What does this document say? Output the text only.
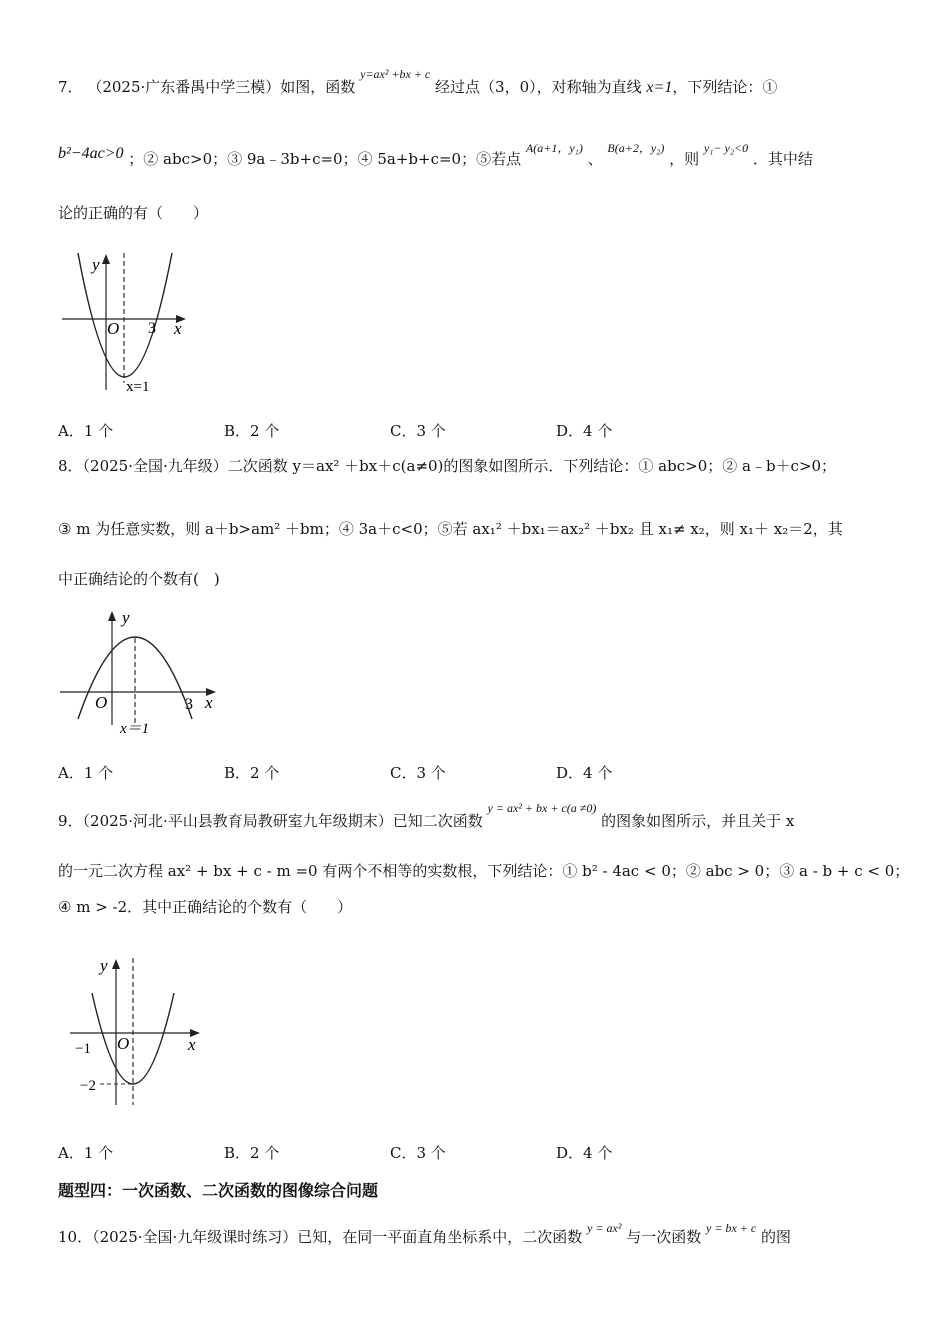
7． （2025·广东番禺中学三模）如图，函数 $^{y=ax^2 +bx + c}$ 经过点（3，0），对称轴为直线 x=1，下列结论：①
b²−4ac>0 ；② abc>0；③ 9a﹣3b+c=0；④ 5a+b+c=0；⑤若点 $^{A(a+1,y_1)}$ 、 $^{B(a+2,y_2)}$ ，则 $^{y_1- y_2<0}$ ．其中结
论的正确的有（　　）
y
O 3 x
x=1
A．1 个	B．2 个	C．3 个	D．4 个
8．（2025·全国·九年级）二次函数 y＝ax² ＋bx＋c(a≠0)的图象如图所示．下列结论：① abc>0；② a﹣b＋c>0；
③ m 为任意实数，则 a＋b>am² ＋bm；④ 3a＋c<0；⑤若 ax₁² ＋bx₁＝ax₂² ＋bx₂ 且 x₁≠ x₂，则 x₁＋ x₂＝2，其
中正确结论的个数有(　)
y
O	3 x
x＝1
A．1 个	B．2 个	C．3 个	D．4 个
9．（2025·河北·平山县教育局教研室九年级期末）已知二次函数 $^{y = ax^2 + bx + c(a \ne 0)}$ 的图象如图所示，并且关于 x
的一元二次方程 ax² + bx + c - m =0 有两个不相等的实数根，下列结论：① b² - 4ac < 0；② abc > 0；③ a - b + c < 0；
④ m > -2．其中正确结论的个数有（　　）
y
−1 O	x
−2
A．1 个	B．2 个	C．3 个	D．4 个
题型四：一次函数、二次函数的图像综合问题
10．（2025·全国·九年级课时练习）已知，在同一平面直角坐标系中，二次函数 $^{y = ax^2}$ 与一次函数 $^{y = bx + c}$ 的图
